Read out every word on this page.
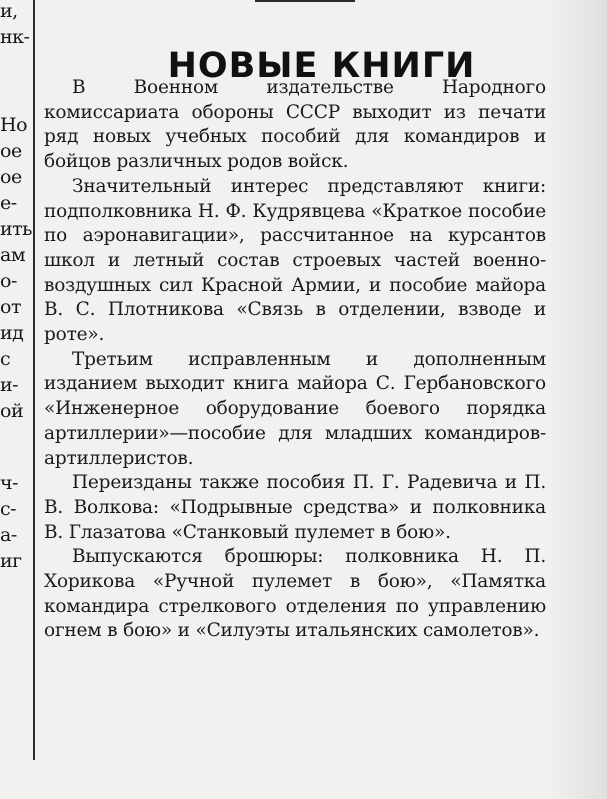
и,
нк-
Но
ое
ое
е-
ить
ам
о-
от
ид
с
и-
ой
ч-
с-
а-
иг
НОВЫЕ КНИГИ

В Военном издательстве Народного комиссариата обороны СССР выходит из печати ряд новых учебных пособий для командиров и бойцов различных родов войск.

Значительный интерес представляют книги: подполковника Н. Ф. Кудрявцева «Краткое пособие по аэронавигации», рассчитанное на курсантов школ и летный состав строевых частей военно-воздушных сил Красной Армии, и пособие майора В. С. Плотникова «Связь в отделении, взводе и роте».

Третьим исправленным и дополненным изданием выходит книга майора С. Гербановского «Инженерное оборудование боевого порядка артиллерии»—пособие для младших командиров-артиллеристов.

Переизданы также пособия П. Г. Радевича и П. В. Волкова: «Подрывные средства» и полковника В. Глазатова «Станковый пулемет в бою».

Выпускаются брошюры: полковника Н. П. Хорикова «Ручной пулемет в бою», «Памятка командира стрелкового отделения по управлению огнем в бою» и «Силуэты итальянских самолетов».
